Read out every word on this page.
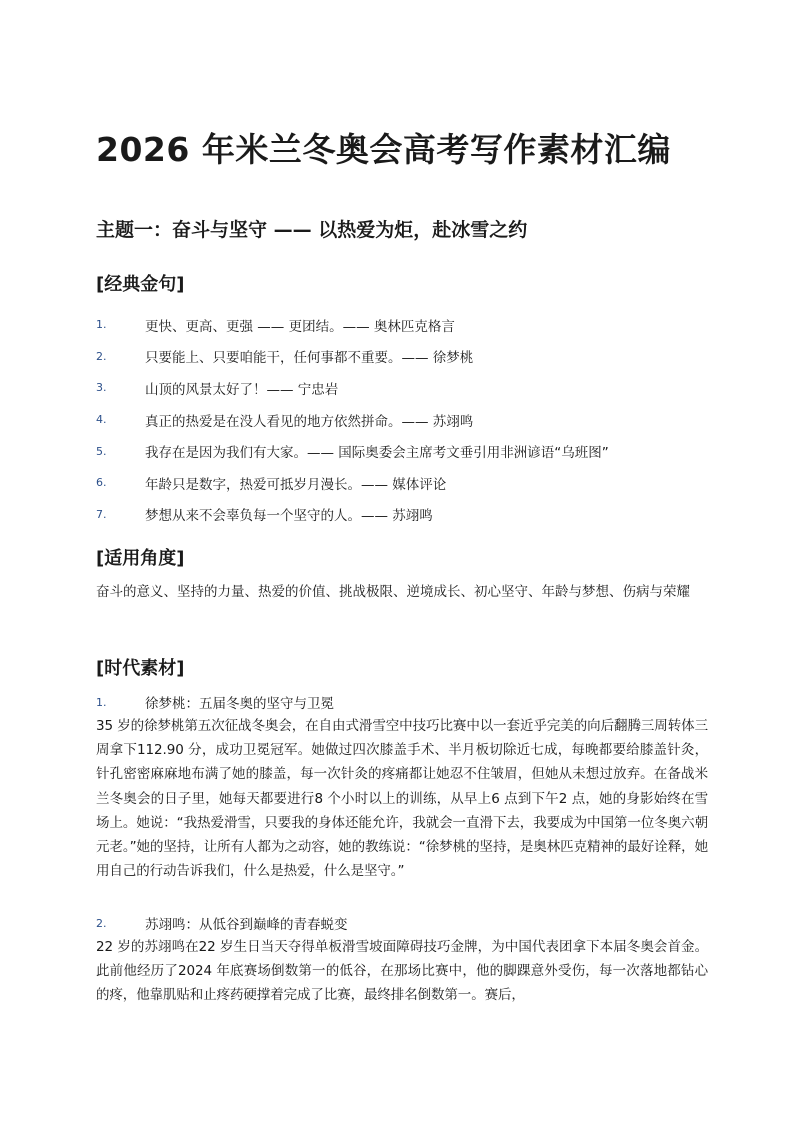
2026 年米兰冬奥会高考写作素材汇编
主题一：奋斗与坚守 —— 以热爱为炬，赴冰雪之约
[经典金句]
1.	更快、更高、更强 —— 更团结。—— 奥林匹克格言
2.	只要能上、只要咱能干，任何事都不重要。—— 徐梦桃
3.	山顶的风景太好了！—— 宁忠岩
4.	真正的热爱是在没人看见的地方依然拼命。—— 苏翊鸣
5.	我存在是因为我们有大家。—— 国际奥委会主席考文垂引用非洲谚语“乌班图”
6.	年龄只是数字，热爱可抵岁月漫长。—— 媒体评论
7.	梦想从来不会辜负每一个坚守的人。—— 苏翊鸣
[适用角度]

奋斗的意义、坚持的力量、热爱的价值、挑战极限、逆境成长、初心坚守、年龄与梦想、伤病与荣耀

[时代素材]
1.	徐梦桃：五届冬奥的坚守与卫冕

35 岁的徐梦桃第五次征战冬奥会，在自由式滑雪空中技巧比赛中以一套近乎完美的向后翻腾三周转体三周拿下112.90 分，成功卫冕冠军。她做过四次膝盖手术、半月板切除近七成，每晚都要给膝盖针灸，针孔密密麻麻地布满了她的膝盖，每一次针灸的疼痛都让她忍不住皱眉，但她从未想过放弃。在备战米兰冬奥会的日子里，她每天都要进行8 个小时以上的训练，从早上6 点到下午2 点，她的身影始终在雪场上。她说：“我热爱滑雪，只要我的身体还能允许，我就会一直滑下去，我要成为中国第一位冬奥六朝元老。”她的坚持，让所有人都为之动容，她的教练说：“徐梦桃的坚持，是奥林匹克精神的最好诠释，她用自己的行动告诉我们，什么是热爱，什么是坚守。”

2.	苏翊鸣：从低谷到巅峰的青春蜕变

22 岁的苏翊鸣在22 岁生日当天夺得单板滑雪坡面障碍技巧金牌，为中国代表团拿下本届冬奥会首金。此前他经历了2024 年底赛场倒数第一的低谷，在那场比赛中，他的脚踝意外受伤，每一次落地都钻心的疼，他靠肌贴和止疼药硬撑着完成了比赛，最终排名倒数第一。赛后，
